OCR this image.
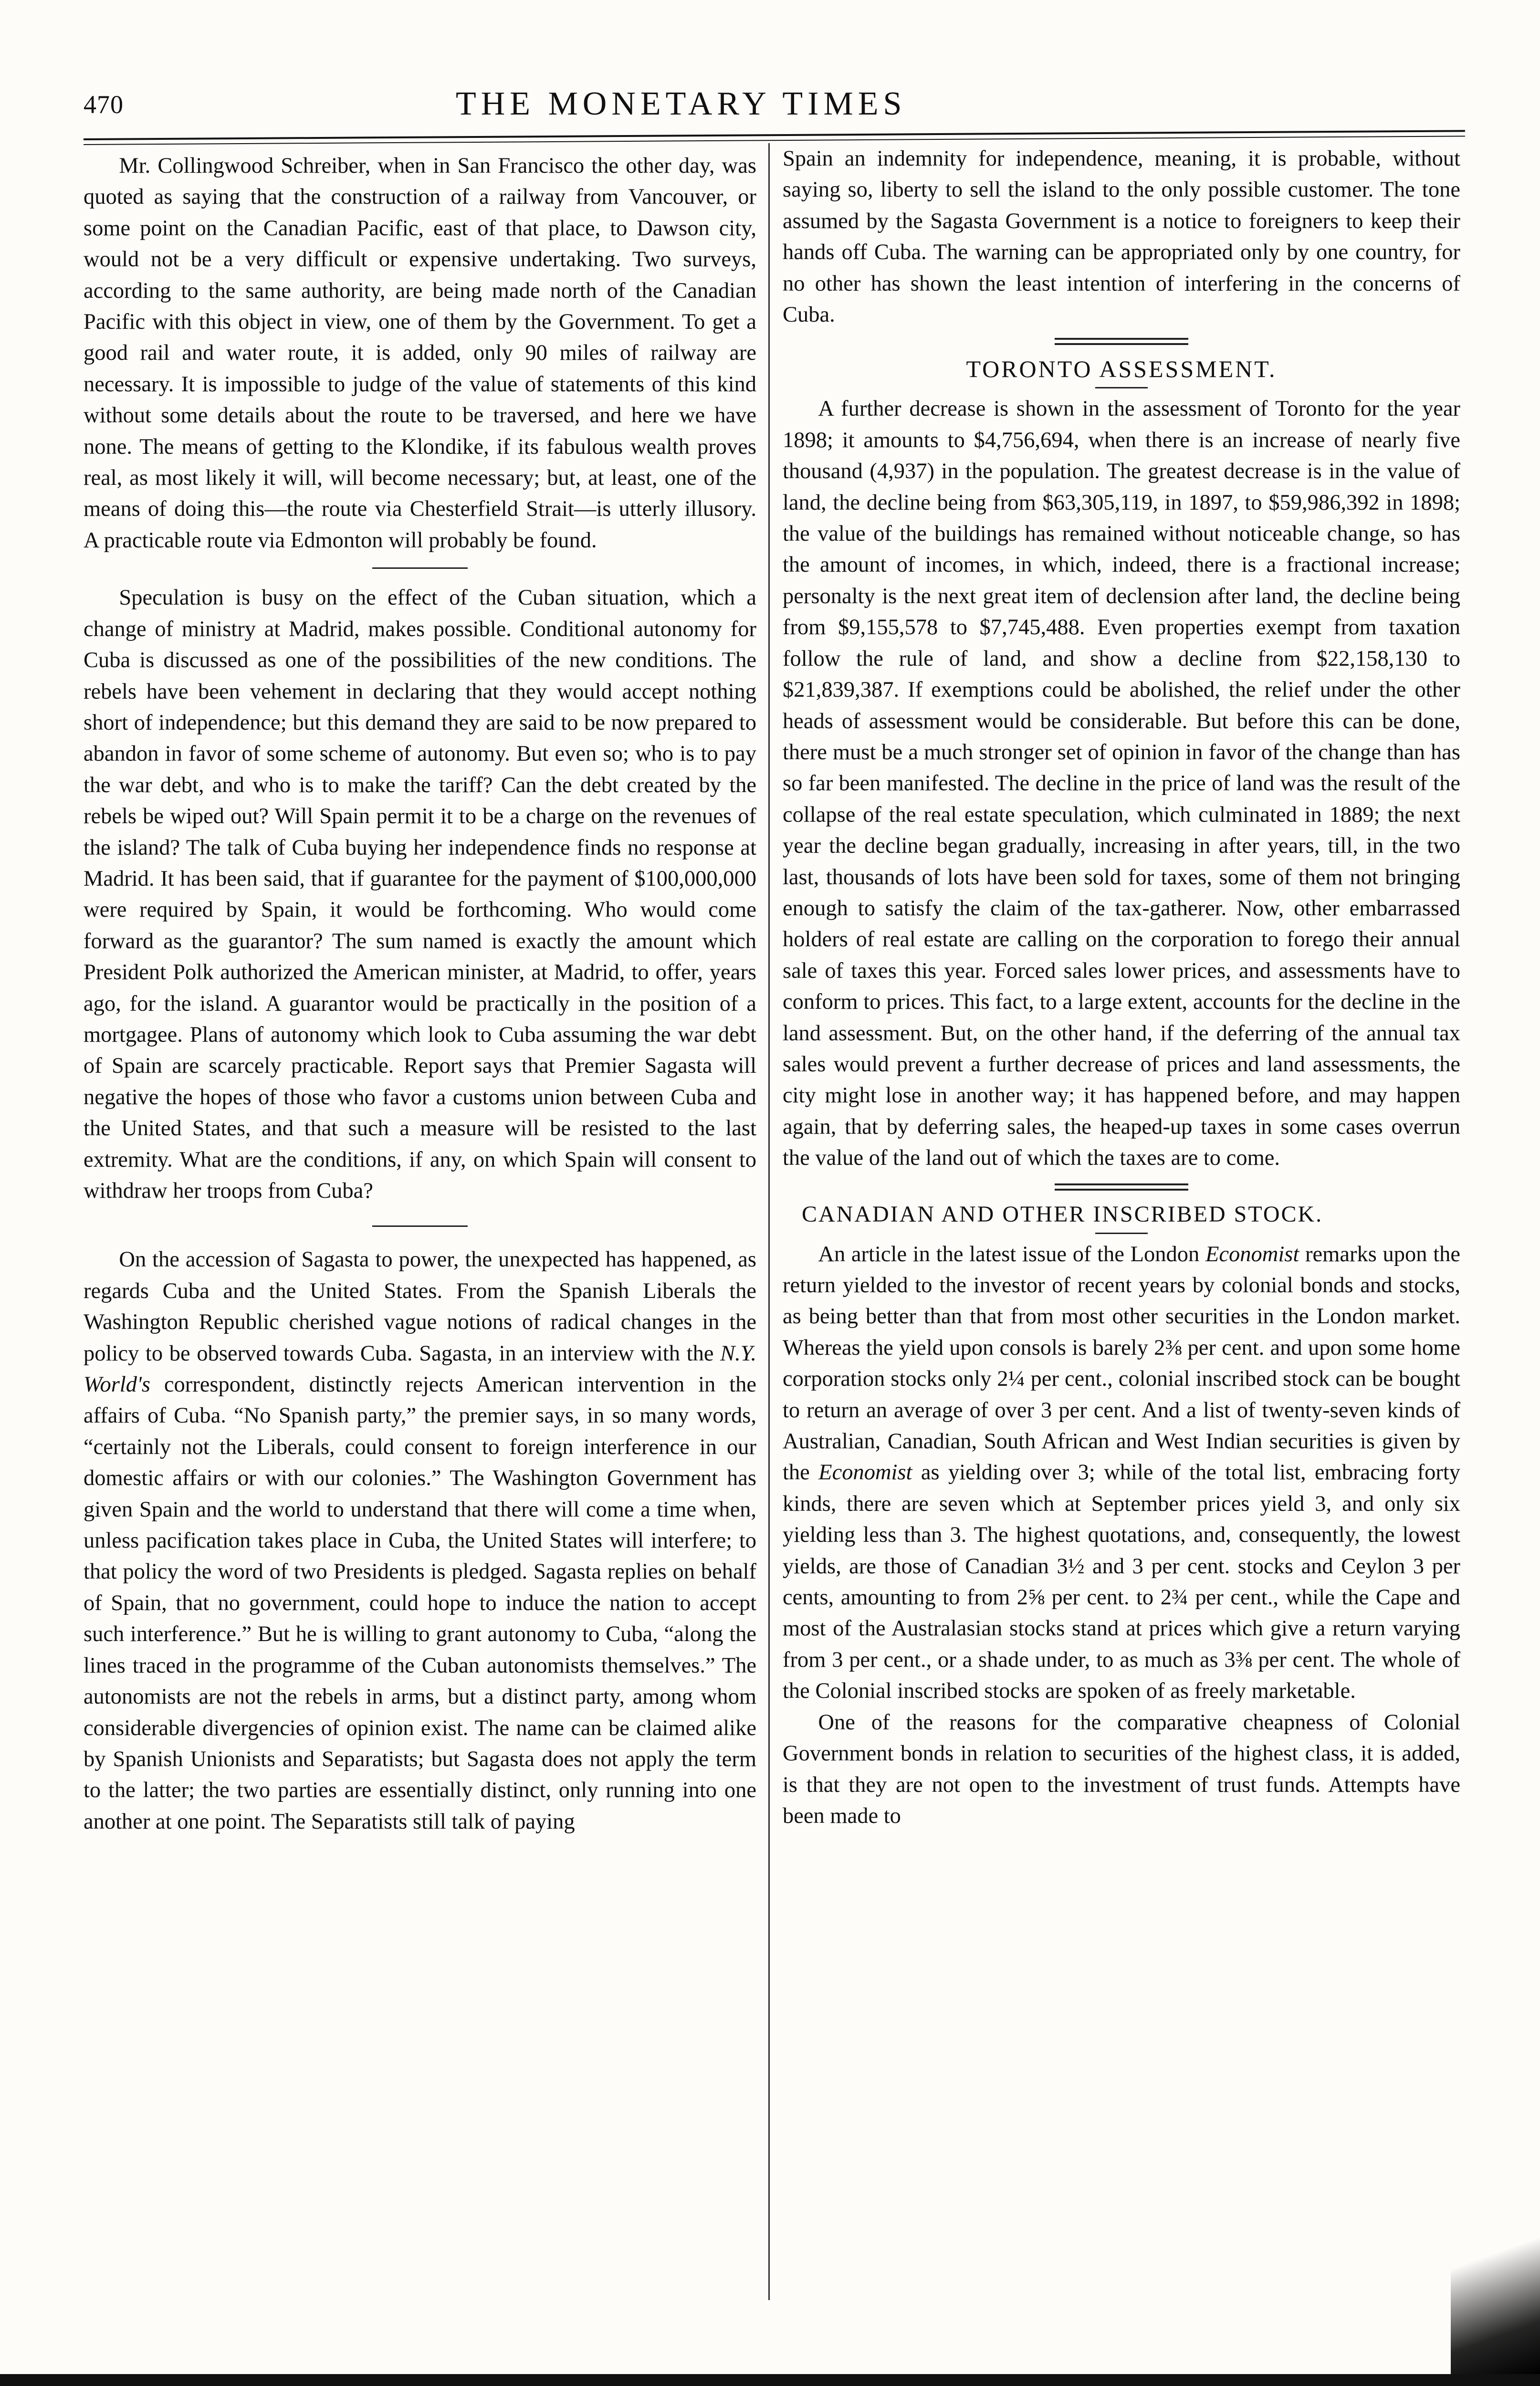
470	THE MONETARY TIMES

Mr. Collingwood Schreiber, when in San Francisco the other day, was quoted as saying that the construction of a railway from Vancouver, or some point on the Canadian Pacific, east of that place, to Dawson city, would not be a very difficult or expensive undertaking. Two surveys, according to the same authority, are being made north of the Canadian Pacific with this object in view, one of them by the Government. To get a good rail and water route, it is added, only 90 miles of railway are necessary. It is impossible to judge of the value of statements of this kind without some details about the route to be traversed, and here we have none. The means of getting to the Klondike, if its fabulous wealth proves real, as most likely it will, will become necessary; but, at least, one of the means of doing this—the route via Chesterfield Strait—is utterly illusory. A practicable route via Edmonton will probably be found.

Speculation is busy on the effect of the Cuban situation, which a change of ministry at Madrid, makes possible. Conditional autonomy for Cuba is discussed as one of the possibilities of the new conditions. The rebels have been vehement in declaring that they would accept nothing short of independence; but this demand they are said to be now prepared to abandon in favor of some scheme of autonomy. But even so; who is to pay the war debt, and who is to make the tariff? Can the debt created by the rebels be wiped out? Will Spain permit it to be a charge on the revenues of the island? The talk of Cuba buying her independence finds no response at Madrid. It has been said, that if guarantee for the payment of $100,000,000 were required by Spain, it would be forthcoming. Who would come forward as the guarantor? The sum named is exactly the amount which President Polk authorized the American minister, at Madrid, to offer, years ago, for the island. A guarantor would be practically in the position of a mortgagee. Plans of autonomy which look to Cuba assuming the war debt of Spain are scarcely practicable. Report says that Premier Sagasta will negative the hopes of those who favor a customs union between Cuba and the United States, and that such a measure will be resisted to the last extremity. What are the conditions, if any, on which Spain will consent to withdraw her troops from Cuba?

On the accession of Sagasta to power, the unexpected has happened, as regards Cuba and the United States. From the Spanish Liberals the Washington Republic cherished vague notions of radical changes in the policy to be observed towards Cuba. Sagasta, in an interview with the N.Y. World's correspondent, distinctly rejects American intervention in the affairs of Cuba. “No Spanish party,” the premier says, in so many words, “certainly not the Liberals, could consent to foreign interference in our domestic affairs or with our colonies.” The Washington Government has given Spain and the world to understand that there will come a time when, unless pacification takes place in Cuba, the United States will interfere; to that policy the word of two Presidents is pledged. Sagasta replies on behalf of Spain, that no government, could hope to induce the nation to accept such interference.” But he is willing to grant autonomy to Cuba, “along the lines traced in the programme of the Cuban autonomists themselves.” The autonomists are not the rebels in arms, but a distinct party, among whom considerable divergencies of opinion exist. The name can be claimed alike by Spanish Unionists and Separatists; but Sagasta does not apply the term to the latter; the two parties are essentially distinct, only running into one another at one point. The Separatists still talk of paying

Spain an indemnity for independence, meaning, it is probable, without saying so, liberty to sell the island to the only possible customer. The tone assumed by the Sagasta Government is a notice to foreigners to keep their hands off Cuba. The warning can be appropriated only by one country, for no other has shown the least intention of interfering in the concerns of Cuba.

TORONTO ASSESSMENT.

A further decrease is shown in the assessment of Toronto for the year 1898; it amounts to $4,756,694, when there is an increase of nearly five thousand (4,937) in the population. The greatest decrease is in the value of land, the decline being from $63,305,119, in 1897, to $59,986,392 in 1898; the value of the buildings has remained without noticeable change, so has the amount of incomes, in which, indeed, there is a fractional increase; personalty is the next great item of declension after land, the decline being from $9,155,578 to $7,745,488. Even properties exempt from taxation follow the rule of land, and show a decline from $22,158,130 to $21,839,387. If exemptions could be abolished, the relief under the other heads of assessment would be considerable. But before this can be done, there must be a much stronger set of opinion in favor of the change than has so far been manifested. The decline in the price of land was the result of the collapse of the real estate speculation, which culminated in 1889; the next year the decline began gradually, increasing in after years, till, in the two last, thousands of lots have been sold for taxes, some of them not bringing enough to satisfy the claim of the tax-gatherer. Now, other embarrassed holders of real estate are calling on the corporation to forego their annual sale of taxes this year. Forced sales lower prices, and assessments have to conform to prices. This fact, to a large extent, accounts for the decline in the land assessment. But, on the other hand, if the deferring of the annual tax sales would prevent a further decrease of prices and land assessments, the city might lose in another way; it has happened before, and may happen again, that by deferring sales, the heaped-up taxes in some cases overrun the value of the land out of which the taxes are to come.

CANADIAN AND OTHER INSCRIBED STOCK.

An article in the latest issue of the London Economist remarks upon the return yielded to the investor of recent years by colonial bonds and stocks, as being better than that from most other securities in the London market. Whereas the yield upon consols is barely 2⅜ per cent. and upon some home corporation stocks only 2¼ per cent., colonial inscribed stock can be bought to return an average of over 3 per cent. And a list of twenty-seven kinds of Australian, Canadian, South African and West Indian securities is given by the Economist as yielding over 3; while of the total list, embracing forty kinds, there are seven which at September prices yield 3, and only six yielding less than 3. The highest quotations, and, consequently, the lowest yields, are those of Canadian 3½ and 3 per cent. stocks and Ceylon 3 per cents, amounting to from 2⅝ per cent. to 2¾ per cent., while the Cape and most of the Australasian stocks stand at prices which give a return varying from 3 per cent., or a shade under, to as much as 3⅜ per cent. The whole of the Colonial inscribed stocks are spoken of as freely marketable.

One of the reasons for the comparative cheapness of Colonial Government bonds in relation to securities of the highest class, it is added, is that they are not open to the investment of trust funds. Attempts have been made to
